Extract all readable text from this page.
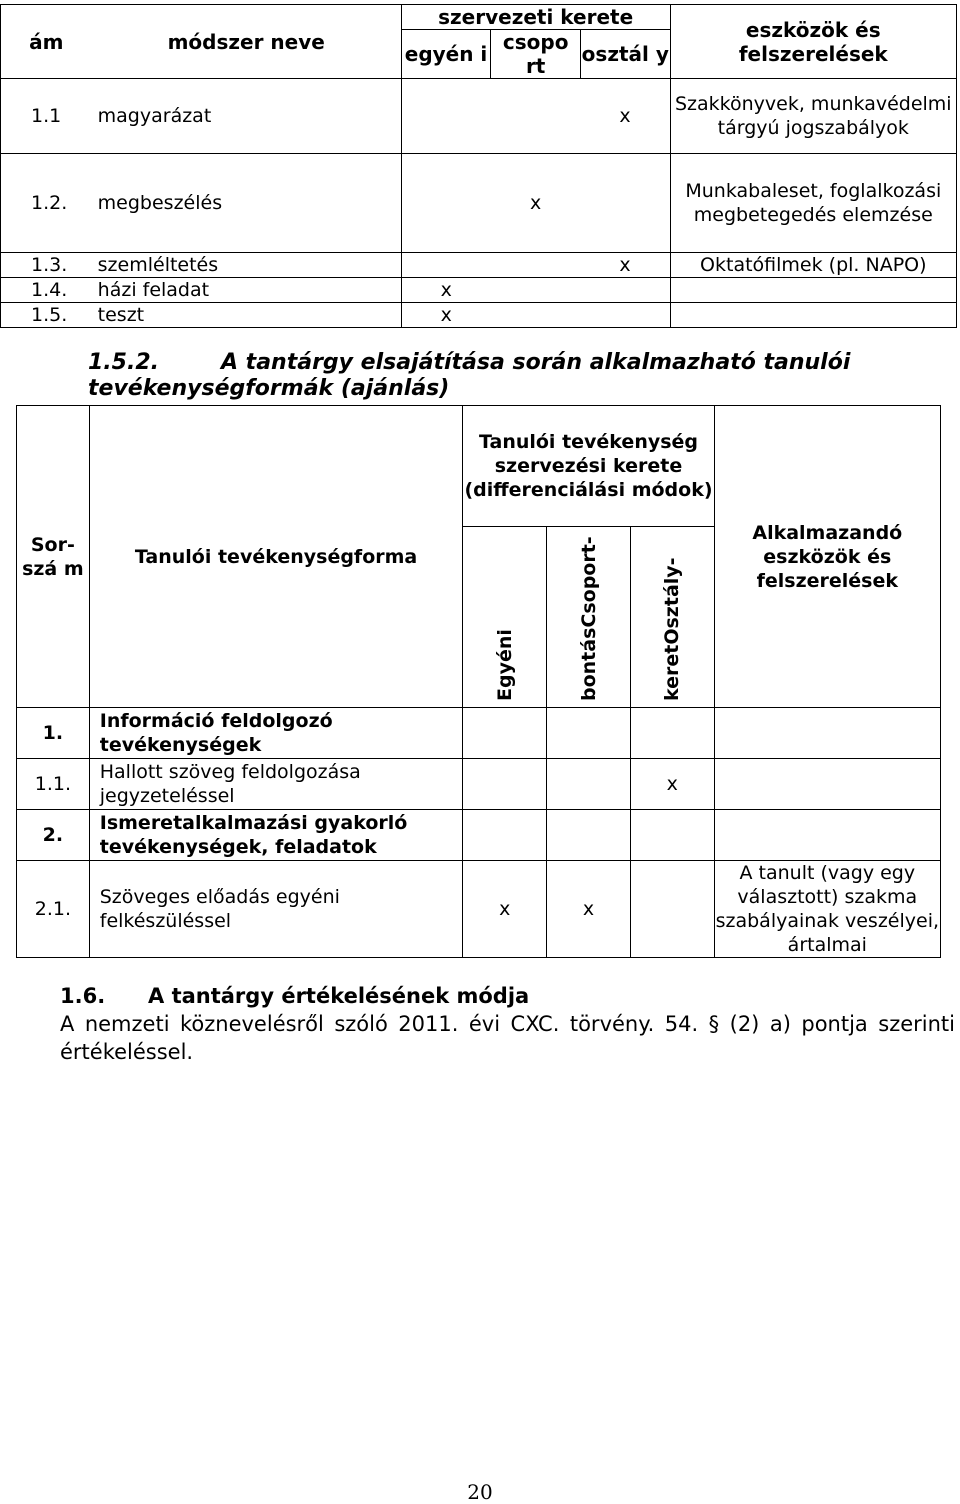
ám	módszer neve	szervezeti kerete			eszközök és felszerelések
		egyén i	csopo rt	osztál y	
1.1	magyarázat			x	Szakkönyvek, munkavédelmi tárgyú jogszabályok
1.2.	megbeszélés		x		Munkabaleset, foglalkozási megbetegedés elemzése
1.3.	szemléltetés			x	Oktatófilmek (pl. NAPO)
1.4.	házi feladat	x			
1.5.	teszt	x			
1.5.2.	A tantárgy elsajátítása során alkalmazható tanulói tevékenységformák (ajánlás)
Sor-szá m	Tanulói tevékenységforma	Tanulói tevékenység szervezési kerete (differenciálási módok)			Alkalmazandó eszközök és felszerelések

		Egyéni	bontásCsoport-	keretOsztály-	

1.	Információ feldolgozó tevékenységek				
1.1.	Hallott szöveg feldolgozása jegyzeteléssel			x	
2.	Ismeretalkalmazási gyakorló tevékenységek, feladatok				
2.1.	Szöveges előadás egyéni felkészüléssel	x	x		A tanult (vagy egy választott) szakma szabályainak veszélyei, ártalmai
1.6. A tantárgy értékelésének módja
A nemzeti köznevelésről szóló 2011. évi CXC. törvény. 54. § (2) a) pontja szerinti értékeléssel.
20
